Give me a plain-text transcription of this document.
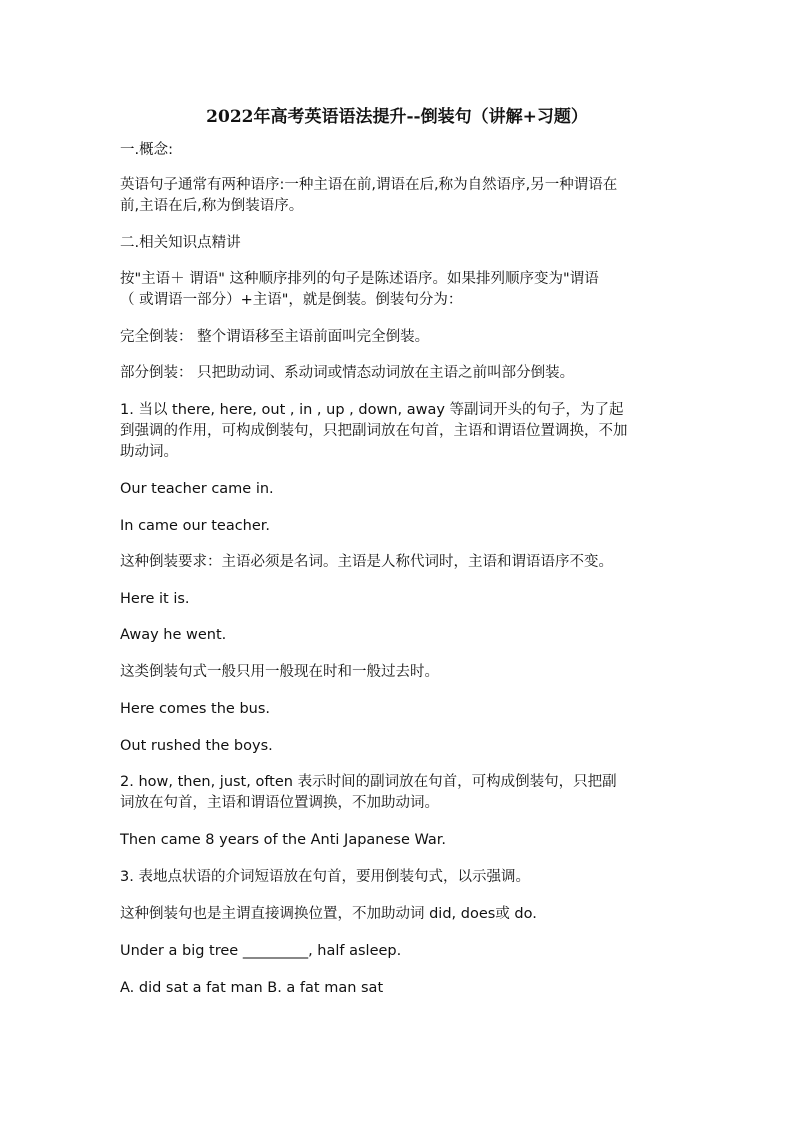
2022年高考英语语法提升--倒装句（讲解+习题）

一.概念:

英语句子通常有两种语序:一种主语在前,谓语在后,称为自然语序,另一种谓语在
前,主语在后,称为倒装语序。

二.相关知识点精讲

按"主语＋ 谓语" 这种顺序排列的句子是陈述语序。如果排列顺序变为"谓语
（ 或谓语一部分）+主语"，就是倒装。倒装句分为：

完全倒装： 整个谓语移至主语前面叫完全倒装。

部分倒装： 只把助动词、系动词或情态动词放在主语之前叫部分倒装。

1. 当以 there, here, out , in , up , down, away 等副词开头的句子，为了起
到强调的作用，可构成倒装句，只把副词放在句首，主语和谓语位置调换，不加
助动词。

Our teacher came in.

In came our teacher.

这种倒装要求：主语必须是名词。主语是人称代词时，主语和谓语语序不变。

Here it is.

Away he went.

这类倒装句式一般只用一般现在时和一般过去时。

Here comes the bus.

Out rushed the boys.

2. how, then, just, often 表示时间的副词放在句首，可构成倒装句，只把副
词放在句首，主语和谓语位置调换，不加助动词。

Then came 8 years of the Anti Japanese War.

3. 表地点状语的介词短语放在句首，要用倒装句式，以示强调。

这种倒装句也是主谓直接调换位置，不加助动词 did, does或 do.

Under a big tree _________, half asleep.

A. did sat a fat man B. a fat man sat
